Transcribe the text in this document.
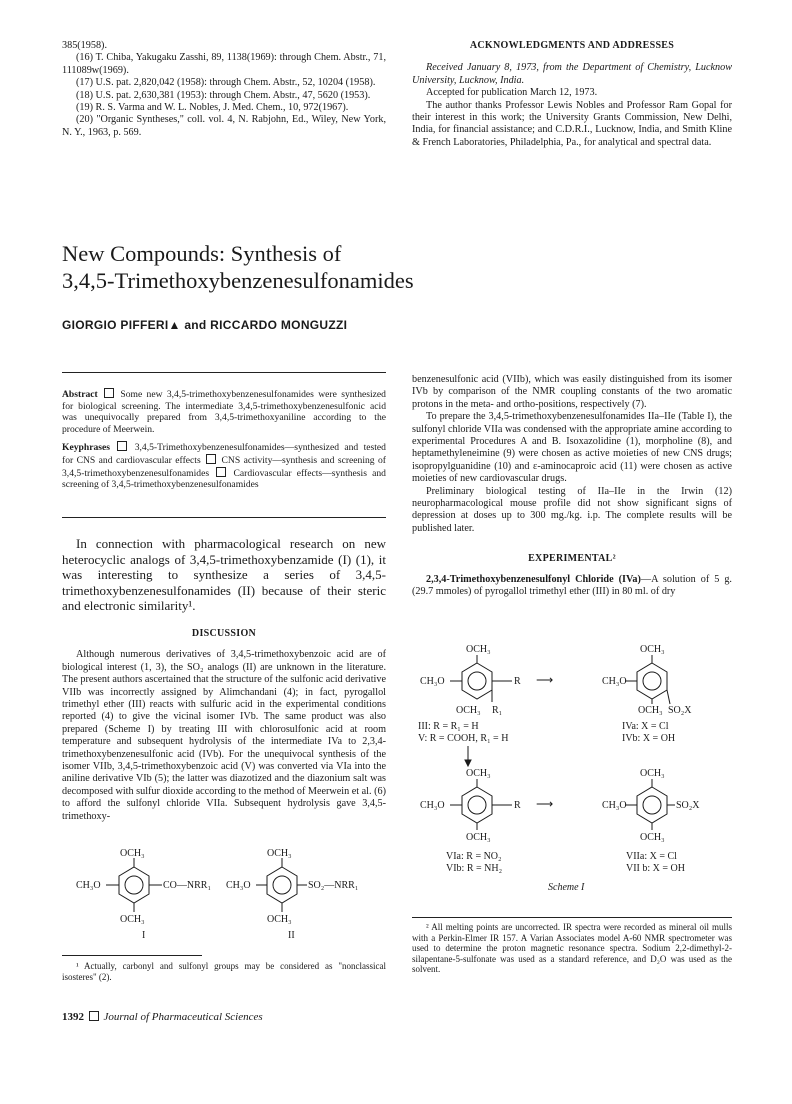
385(1958).

(16) T. Chiba, Yakugaku Zasshi, 89, 1138(1969): through Chem. Abstr., 71, 111089w(1969).

(17) U.S. pat. 2,820,042 (1958): through Chem. Abstr., 52, 10204 (1958).

(18) U.S. pat. 2,630,381 (1953): through Chem. Abstr., 47, 5620 (1953).

(19) R. S. Varma and W. L. Nobles, J. Med. Chem., 10, 972(1967).

(20) "Organic Syntheses," coll. vol. 4, N. Rabjohn, Ed., Wiley, New York, N. Y., 1963, p. 569.

ACKNOWLEDGMENTS AND ADDRESSES

Received January 8, 1973, from the Department of Chemistry, Lucknow University, Lucknow, India.

Accepted for publication March 12, 1973.

The author thanks Professor Lewis Nobles and Professor Ram Gopal for their interest in this work; the University Grants Commission, New Delhi, India, for financial assistance; and C.D.R.I., Lucknow, India, and Smith Kline & French Laboratories, Philadelphia, Pa., for analytical and spectral data.

New Compounds: Synthesis of
3,4,5-Trimethoxybenzenesulfonamides
GIORGIO PIFFERI▲ and RICCARDO MONGUZZI

Abstract Some new 3,4,5-trimethoxybenzenesulfonamides were synthesized for biological screening. The intermediate 3,4,5-trimethoxybenzenesulfonic acid was unequivocally prepared from 3,4,5-trimethoxyaniline according to the procedure of Meerwein.

Keyphrases	3,4,5-Trimethoxybenzenesulfonamides—synthesized and tested for CNS and cardiovascular effects CNS activity—synthesis and screening of 3,4,5-trimethoxybenzenesulfonamides	Cardiovascular effects—synthesis and screening of 3,4,5-trimethoxybenzenesulfonamides

In connection with pharmacological research on new heterocyclic analogs of 3,4,5-trimethoxybenzamide (I) (1), it was interesting to synthesize a series of 3,4,5-trimethoxybenzenesulfonamides (II) because of their steric and electronic similarity¹.

DISCUSSION

Although numerous derivatives of 3,4,5-trimethoxybenzoic acid are of biological interest (1, 3), the SO₂ analogs (II) are unknown in the literature. The present authors ascertained that the structure of the sulfonic acid derivative VIIb was incorrectly assigned by Alimchandani (4); in fact, pyrogallol trimethyl ether (III) reacts with sulfuric acid in the experimental conditions reported (4) to give the vicinal isomer IVb. The same product was also prepared (Scheme I) by treating III with chlorosulfonic acid at room temperature and subsequent hydrolysis of the intermediate IVa to 2,3,4-trimethoxybenzenesulfonic acid (IVb). For the unequivocal synthesis of the isomer VIIb, 3,4,5-trimethoxybenzoic acid (V) was converted via VIa into the aniline derivative VIb (5); the latter was diazotized and the diazonium salt was decomposed with sulfur dioxide according to the method of Meerwein et al. (6) to afford the sulfonyl chloride VIIa. Subsequent hydrolysis gave 3,4,5-trimethoxy-

OCH₃
OCH₃
CH₃O	CO—NRR₁
I
OCH₃
OCH₃
CH₃O	SO₂—NRR₁
II

¹ Actually, carbonyl and sulfonyl groups may be considered as "nonclassical isosteres" (2).

benzenesulfonic acid (VIIb), which was easily distinguished from its isomer IVb by comparison of the NMR coupling constants of the two aromatic protons in the meta- and ortho-positions, respectively (7).

To prepare the 3,4,5-trimethoxybenzenesulfonamides IIa–IIe (Table I), the sulfonyl chloride VIIa was condensed with the appropriate amine according to experimental Procedures A and B. Isoxazolidine (1), morpholine (8), and heptamethyleneimine (9) were chosen as active moieties of new CNS drugs; isopropylguanidine (10) and ε-aminocaproic acid (11) were chosen as active moieties of new cardiovascular drugs.

Preliminary biological testing of IIa–IIe in the Irwin (12) neuropharmacological mouse profile did not show significant signs of depression at doses up to 300 mg./kg. i.p. The complete results will be published later.

EXPERIMENTAL²

2,3,4-Trimethoxybenzenesulfonyl Chloride (IVa)—A solution of 5 g. (29.7 mmoles) of pyrogallol trimethyl ether (III) in 80 ml. of dry

OCH₃
CH₃O	R
OCH₃ R₁
⟶
OCH₃
CH₃O
OCH₃ SO₂X
III: R = R₁ = H
V: R = COOH, R₁ = H
IVa: X = Cl
IVb: X = OH
OCH₃
CH₃O	R
OCH₃
⟶
OCH₃
CH₃O	SO₂X
OCH₃
VIa: R = NO₂
VIb: R = NH₂
VIIa: X = Cl
VII b: X = OH
Scheme I

² All melting points are uncorrected. IR spectra were recorded as mineral oil mulls with a Perkin-Elmer IR 157. A Varian Associates model A-60 NMR spectrometer was used to determine the proton magnetic resonance spectra. Sodium 2,2-dimethyl-2-silapentane-5-sulfonate was used as a standard reference, and D₂O was used as the solvent.

1392 Journal of Pharmaceutical Sciences
